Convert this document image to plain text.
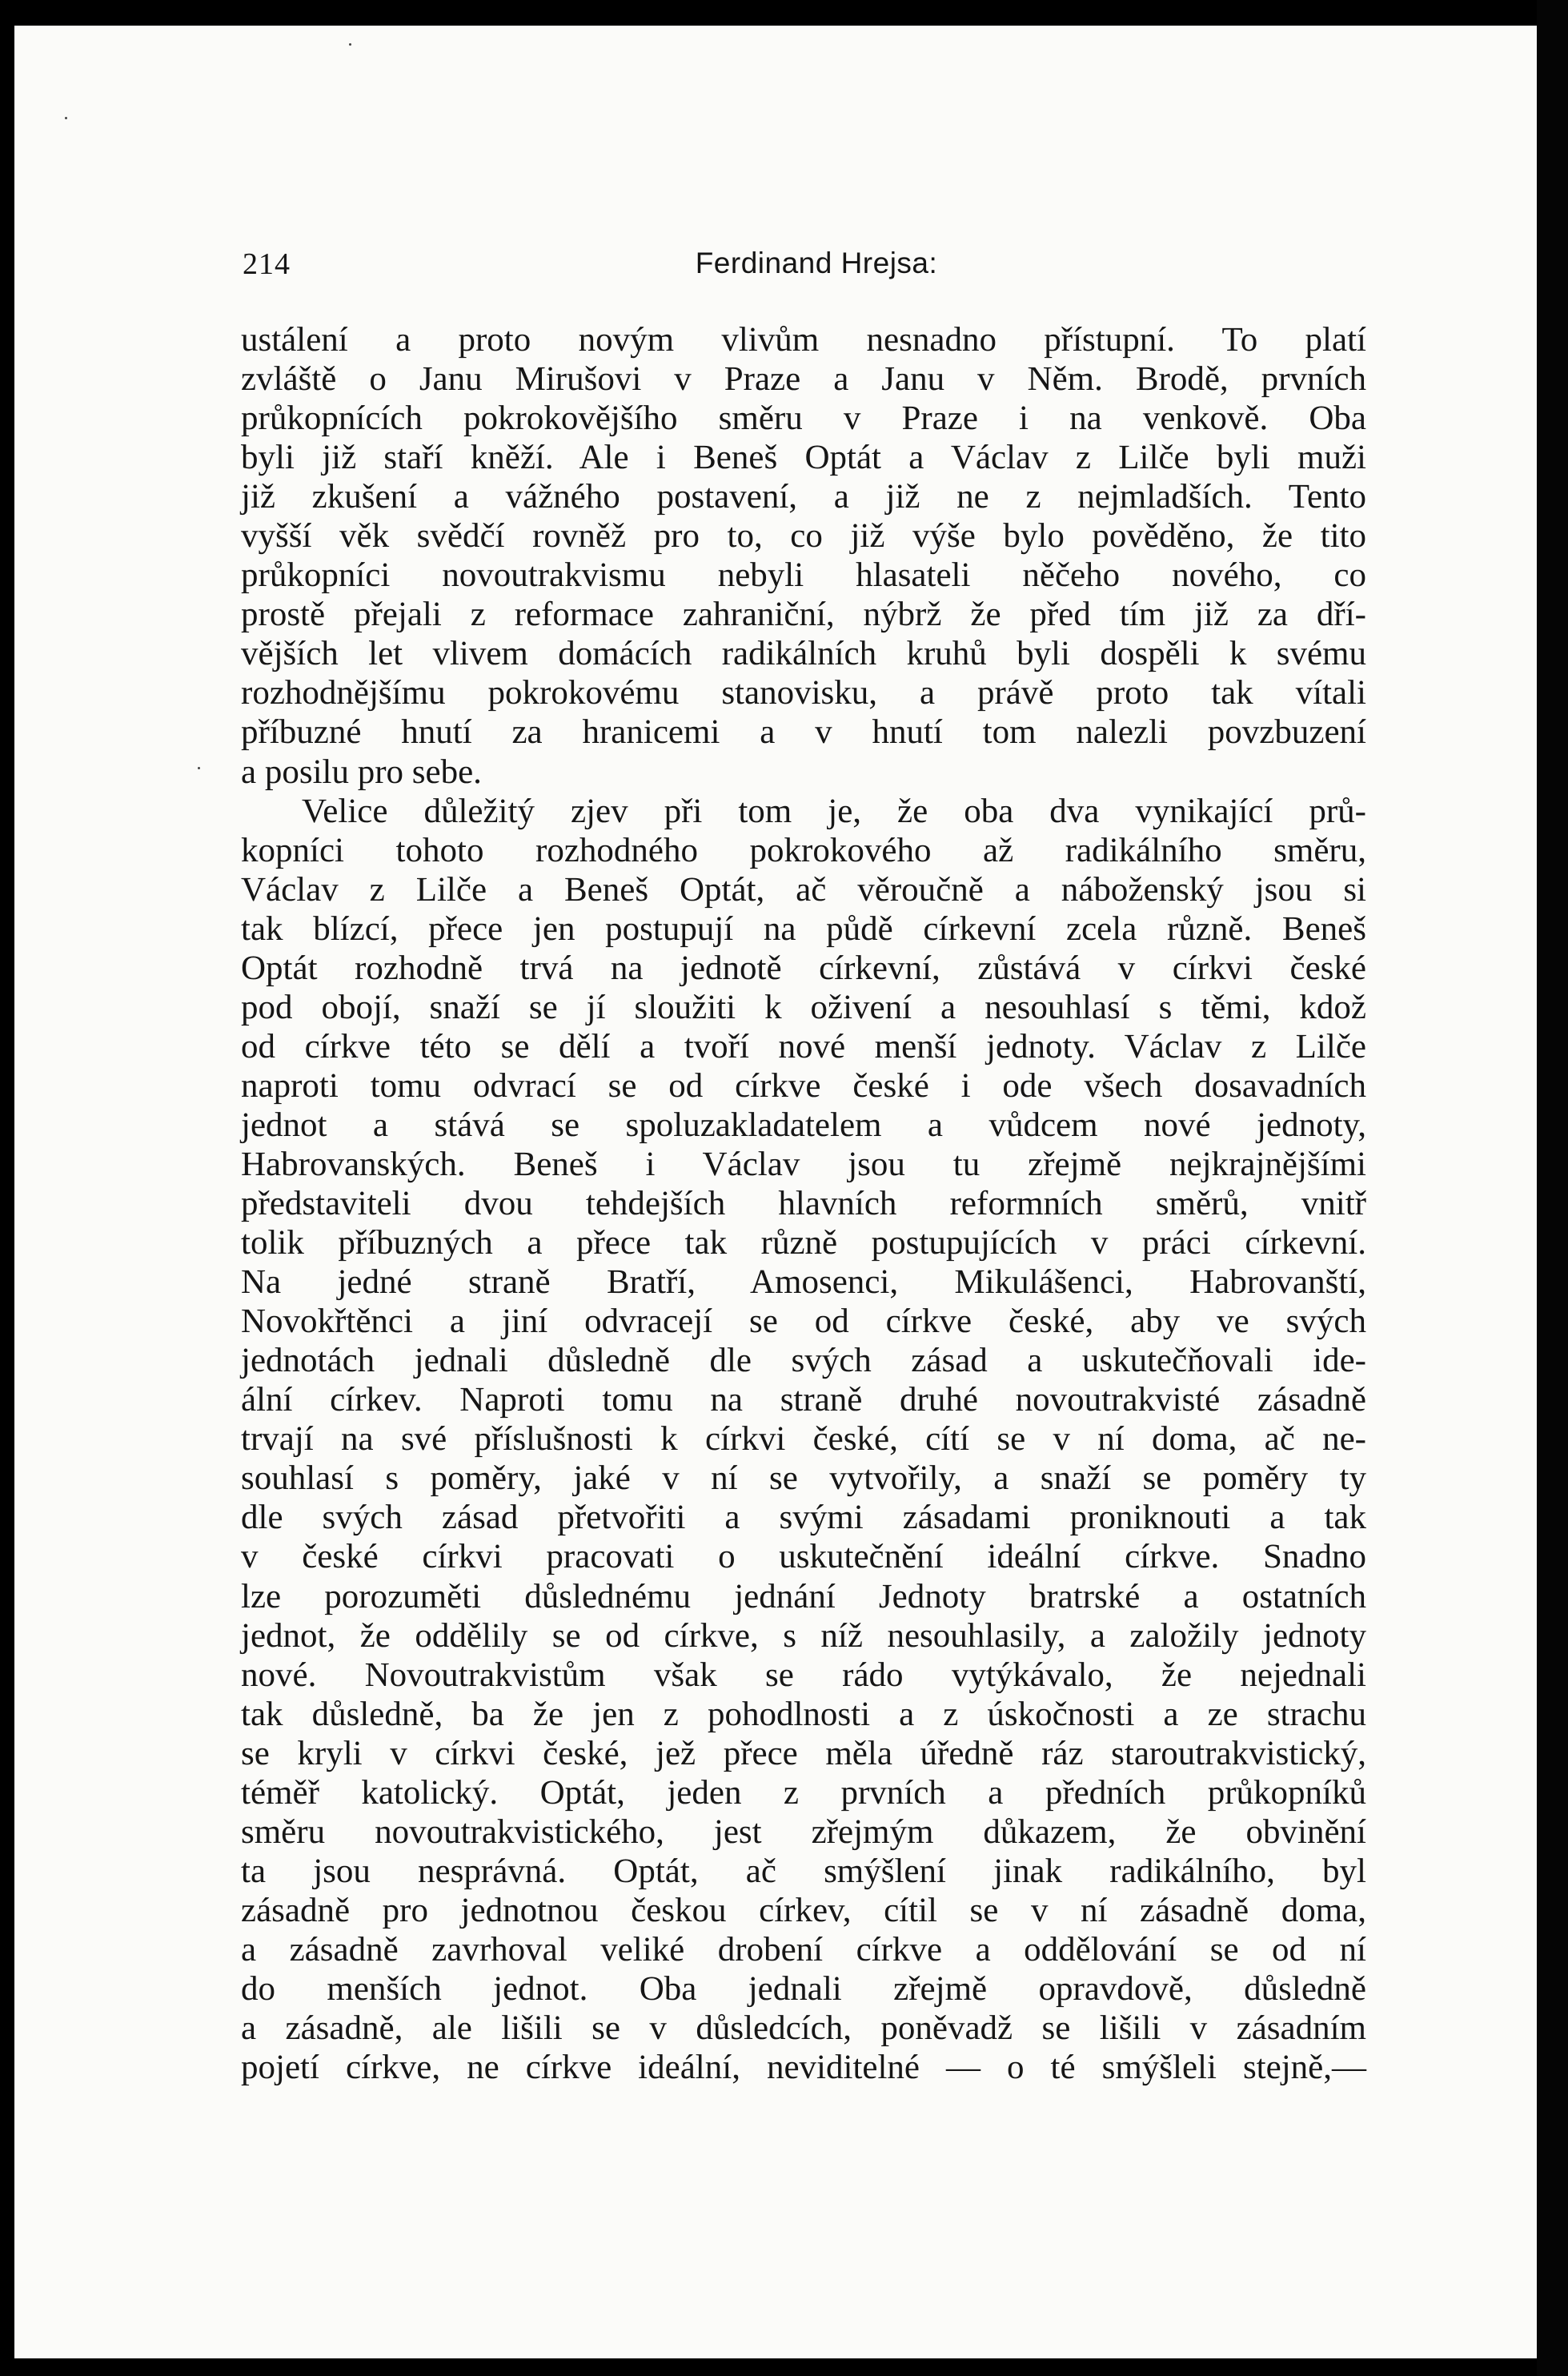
214	Ferdinand Hrejsa:
ustálení a proto novým vlivům nesnadno přístupní. To platí
zvláště o Janu Mirušovi v Praze a Janu v Něm. Brodě, prvních
průkopnících pokrokovějšího směru v Praze i na venkově. Oba
byli již staří kněží. Ale i Beneš Optát a Václav z Lilče byli muži
již zkušení a vážného postavení, a již ne z nejmladších. Tento
vyšší věk svědčí rovněž pro to, co již výše bylo pověděno, že tito
průkopníci novoutrakvismu nebyli hlasateli něčeho nového, co
prostě přejali z reformace zahraniční, nýbrž že před tím již za dří-
vějších let vlivem domácích radikálních kruhů byli dospěli k svému
rozhodnějšímu pokrokovému stanovisku, a právě proto tak vítali
příbuzné hnutí za hranicemi a v hnutí tom nalezli povzbuzení
a posilu pro sebe.
Velice důležitý zjev při tom je, že oba dva vynikající prů-
kopníci tohoto rozhodného pokrokového až radikálního směru,
Václav z Lilče a Beneš Optát, ač věroučně a náboženský jsou si
tak blízcí, přece jen postupují na půdě církevní zcela různě. Beneš
Optát rozhodně trvá na jednotě církevní, zůstává v církvi české
pod obojí, snaží se jí sloužiti k oživení a nesouhlasí s těmi, kdož
od církve této se dělí a tvoří nové menší jednoty. Václav z Lilče
naproti tomu odvrací se od církve české i ode všech dosavadních
jednot a stává se spoluzakladatelem a vůdcem nové jednoty,
Habrovanských. Beneš i Václav jsou tu zřejmě nejkrajnějšími
představiteli dvou tehdejších hlavních reformních směrů, vnitř
tolik příbuzných a přece tak různě postupujících v práci církevní.
Na jedné straně Bratří, Amosenci, Mikulášenci, Habrovanští,
Novokřtěnci a jiní odvracejí se od církve české, aby ve svých
jednotách jednali důsledně dle svých zásad a uskutečňovali ide-
ální církev. Naproti tomu na straně druhé novoutrakvisté zásadně
trvají na své příslušnosti k církvi české, cítí se v ní doma, ač ne-
souhlasí s poměry, jaké v ní se vytvořily, a snaží se poměry ty
dle svých zásad přetvořiti a svými zásadami proniknouti a tak
v české církvi pracovati o uskutečnění ideální církve. Snadno
lze porozuměti důslednému jednání Jednoty bratrské a ostatních
jednot, že oddělily se od církve, s níž nesouhlasily, a založily jednoty
nové. Novoutrakvistům však se rádo vytýkávalo, že nejednali
tak důsledně, ba že jen z pohodlnosti a z úskočnosti a ze strachu
se kryli v církvi české, jež přece měla úředně ráz staroutrakvistický,
téměř katolický. Optát, jeden z prvních a předních průkopníků
směru novoutrakvistického, jest zřejmým důkazem, že obvinění
ta jsou nesprávná. Optát, ač smýšlení jinak radikálního, byl
zásadně pro jednotnou českou církev, cítil se v ní zásadně doma,
a zásadně zavrhoval veliké drobení církve a oddělování se od ní
do menších jednot. Oba jednali zřejmě opravdově, důsledně
a zásadně, ale lišili se v důsledcích, poněvadž se lišili v zásadním
pojetí církve, ne církve ideální, neviditelné — o té smýšleli stejně,—
